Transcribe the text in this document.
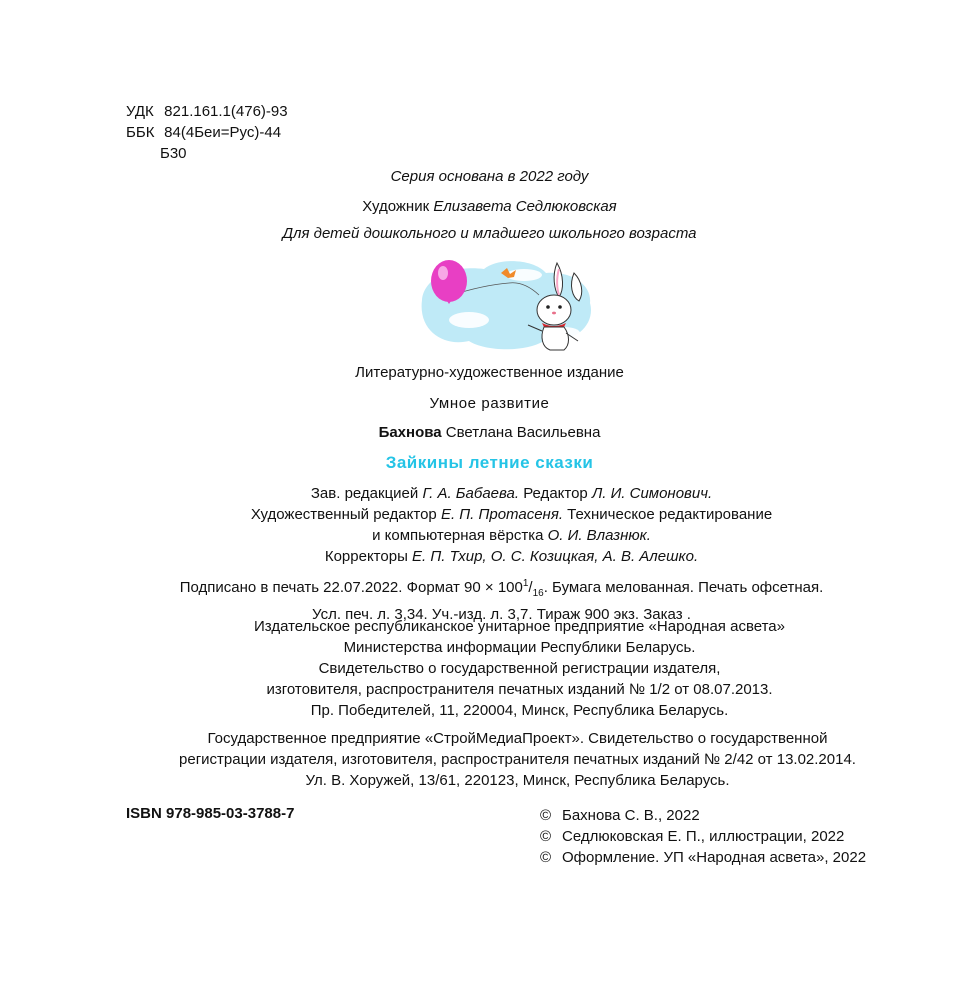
УДК 821.161.1(476)-93
ББК 84(4Беи=Рус)-44
Б30
Серия основана в 2022 году
Художник Елизавета Седлюковская
Для детей дошкольного и младшего школьного возраста
Литературно-художественное издание
Умное развитие
Бахнова Светлана Васильевна
Зайкины летние сказки
Зав. редакцией Г. А. Бабаева. Редактор Л. И. Симонович.
Художественный редактор Е. П. Протасеня. Техническое редактирование
и компьютерная вёрстка О. И. Влазнюк.
Корректоры Е. П. Тхир, О. С. Козицкая, А. В. Алешко.
Подписано в печать 22.07.2022. Формат $90 \times 100^1/_{16}$. Бумага мелованная. Печать офсетная.
Усл. печ. л. 3,34. Уч.-изд. л. 3,7. Тираж 900 экз. Заказ .
Издательское республиканское унитарное предприятие «Народная асвета»
Министерства информации Республики Беларусь.
Свидетельство о государственной регистрации издателя,
изготовителя, распространителя печатных изданий № 1/2 от 08.07.2013.
Пр. Победителей, 11, 220004, Минск, Республика Беларусь.
Государственное предприятие «СтройМедиаПроект». Свидетельство о государственной
регистрации издателя, изготовителя, распространителя печатных изданий № 2/42 от 13.02.2014.
Ул. В. Хоружей, 13/61, 220123, Минск, Республика Беларусь.
ISBN 978-985-03-3788-7	© Бахнова С. В., 2022
© Седлюковская Е. П., иллюстрации, 2022
© Оформление. УП «Народная асвета», 2022
